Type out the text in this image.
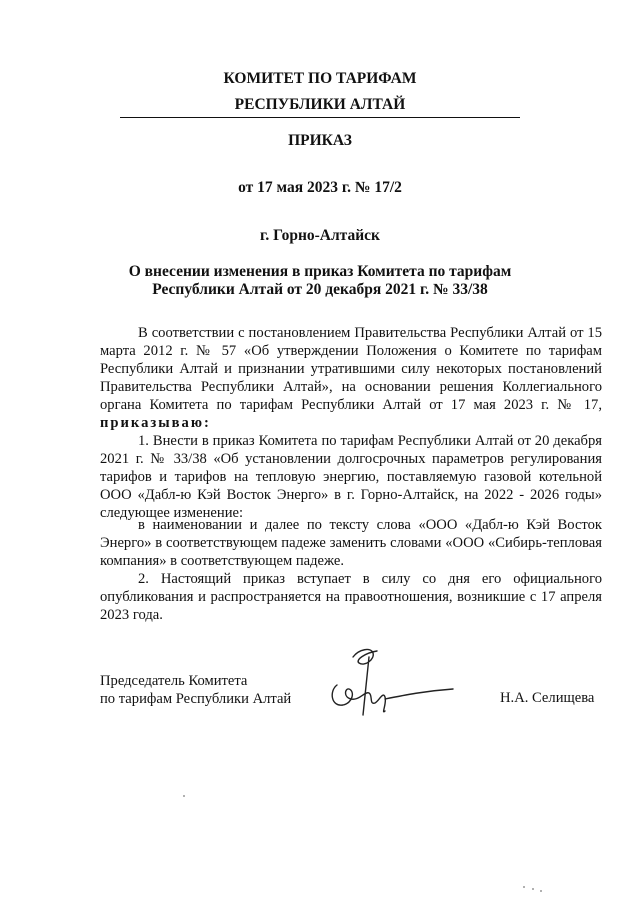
КОМИТЕТ ПО ТАРИФАМ
РЕСПУБЛИКИ АЛТАЙ
ПРИКАЗ
от 17 мая 2023 г. № 17/2
г. Горно-Алтайск
О внесении изменения в приказ Комитета по тарифам
Республики Алтай от 20 декабря 2021 г. № 33/38
В соответствии с постановлением Правительства Республики Алтай от 15 марта 2012 г. № 57 «Об утверждении Положения о Комитете по тарифам Республики Алтай и признании утратившими силу некоторых постановлений Правительства Республики Алтай», на основании решения Коллегиального органа Комитета по тарифам Республики Алтай от 17 мая 2023 г. № 17, приказываю:
1. Внести в приказ Комитета по тарифам Республики Алтай от 20 декабря 2021 г. № 33/38 «Об установлении долгосрочных параметров регулирования тарифов и тарифов на тепловую энергию, поставляемую газовой котельной ООО «Дабл-ю Кэй Восток Энерго» в г. Горно-Алтайск, на 2022 - 2026 годы» следующее изменение:
в наименовании и далее по тексту слова «ООО «Дабл-ю Кэй Восток Энерго» в соответствующем падеже заменить словами «ООО «Сибирь-тепловая компания» в соответствующем падеже.
2. Настоящий приказ вступает в силу со дня его официального опубликования и распространяется на правоотношения, возникшие с 17 апреля 2023 года.
Председатель Комитета
по тарифам Республики Алтай	Н.А. Селищева
